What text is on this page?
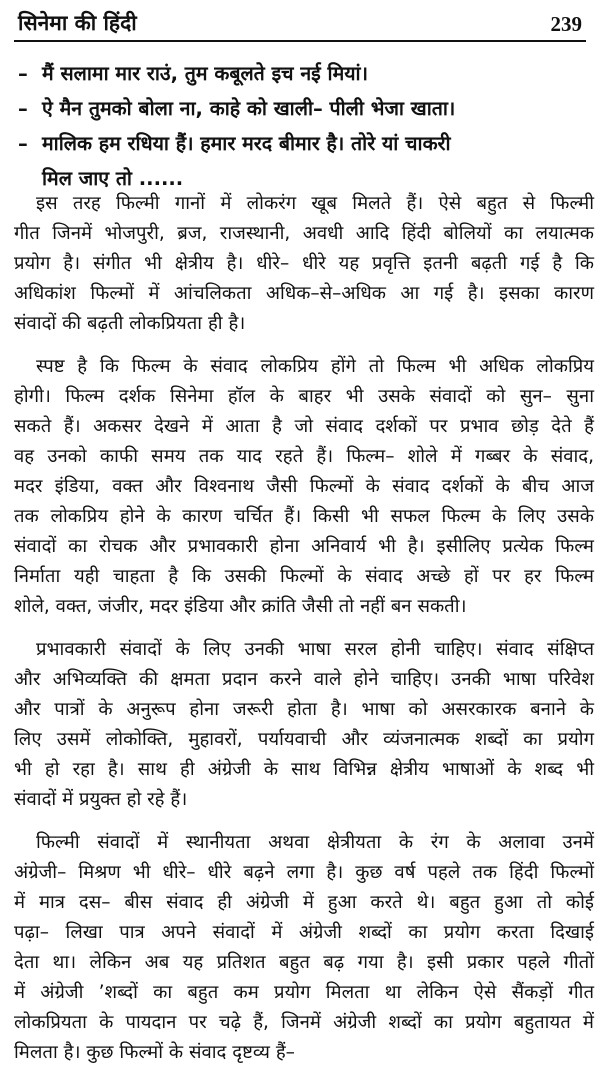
सिनेमा की हिंदी	239
– मैं सलामा मार राउं, तुम कबूलते इच नई मियां।
– ऐ मैन तुमको बोला ना, काहे को खाली– पीली भेजा खाता।
– मालिक हम रधिया हैं। हमार मरद बीमार है। तोरे यां चाकरी
मिल जाए तो ......
इस तरह फिल्मी गानों में लोकरंग खूब मिलते हैं। ऐसे बहुत से फिल्मी
गीत जिनमें भोजपुरी, ब्रज, राजस्थानी, अवधी आदि हिंदी बोलियों का लयात्मक
प्रयोग है। संगीत भी क्षेत्रीय है। धीरे– धीरे यह प्रवृत्ति इतनी बढ़ती गई है कि
अधिकांश फिल्मों में आंचलिकता अधिक–से–अधिक आ गई है। इसका कारण
संवादों की बढ़ती लोकप्रियता ही है।
स्पष्ट है कि फिल्म के संवाद लोकप्रिय होंगे तो फिल्म भी अधिक लोकप्रिय
होगी। फिल्म दर्शक सिनेमा हॉल के बाहर भी उसके संवादों को सुन– सुना
सकते हैं। अकसर देखने में आता है जो संवाद दर्शकों पर प्रभाव छोड़ देते हैं
वह उनको काफी समय तक याद रहते हैं। फिल्म– शोले में गब्बर के संवाद,
मदर इंडिया, वक्त और विश्वनाथ जैसी फिल्मों के संवाद दर्शकों के बीच आज
तक लोकप्रिय होने के कारण चर्चित हैं। किसी भी सफल फिल्म के लिए उसके
संवादों का रोचक और प्रभावकारी होना अनिवार्य भी है। इसीलिए प्रत्येक फिल्म
निर्माता यही चाहता है कि उसकी फिल्मों के संवाद अच्छे हों पर हर फिल्म
शोले, वक्त, जंजीर, मदर इंडिया और क्रांति जैसी तो नहीं बन सकती।
प्रभावकारी संवादों के लिए उनकी भाषा सरल होनी चाहिए। संवाद संक्षिप्त
और अभिव्यक्ति की क्षमता प्रदान करने वाले होने चाहिए। उनकी भाषा परिवेश
और पात्रों के अनुरूप होना जरूरी होता है। भाषा को असरकारक बनाने के
लिए उसमें लोकोक्ति, मुहावरों, पर्यायवाची और व्यंजनात्मक शब्दों का प्रयोग
भी हो रहा है। साथ ही अंग्रेजी के साथ विभिन्न क्षेत्रीय भाषाओं के शब्द भी
संवादों में प्रयुक्त हो रहे हैं।
फिल्मी संवादों में स्थानीयता अथवा क्षेत्रीयता के रंग के अलावा उनमें
अंग्रेजी– मिश्रण भी धीरे– धीरे बढ़ने लगा है। कुछ वर्ष पहले तक हिंदी फिल्मों
में मात्र दस– बीस संवाद ही अंग्रेजी में हुआ करते थे। बहुत हुआ तो कोई
पढ़ा– लिखा पात्र अपने संवादों में अंग्रेजी शब्दों का प्रयोग करता दिखाई
देता था। लेकिन अब यह प्रतिशत बहुत बढ़ गया है। इसी प्रकार पहले गीतों
में अंग्रेजी ’शब्दों का बहुत कम प्रयोग मिलता था लेकिन ऐसे सैंकड़ों गीत
लोकप्रियता के पायदान पर चढ़े हैं, जिनमें अंग्रेजी शब्दों का प्रयोग बहुतायत में
मिलता है। कुछ फिल्मों के संवाद दृष्टव्य हैं–
